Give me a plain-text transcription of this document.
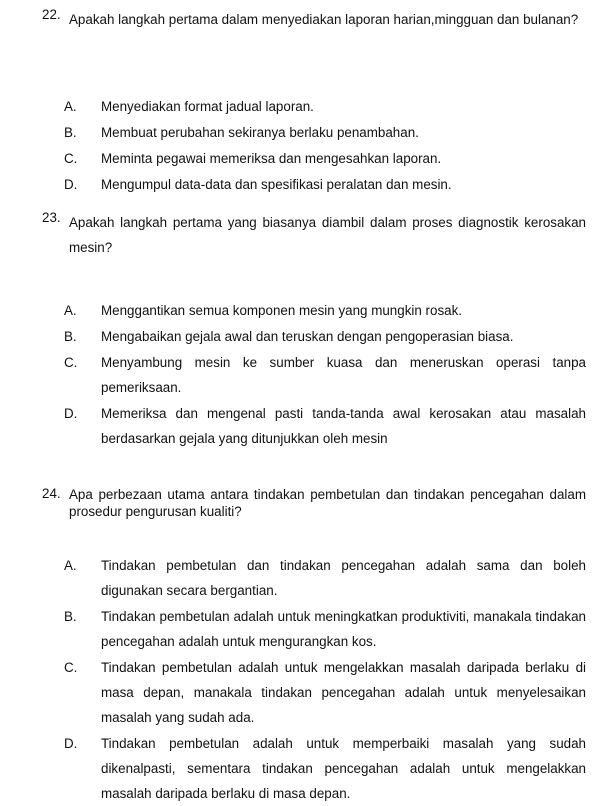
22. Apakah langkah pertama dalam menyediakan laporan harian,mingguan dan bulanan?
A. Menyediakan format jadual laporan.
B. Membuat perubahan sekiranya berlaku penambahan.
C. Meminta pegawai memeriksa dan mengesahkan laporan.
D. Mengumpul data-data dan spesifikasi peralatan dan mesin.
23. Apakah langkah pertama yang biasanya diambil dalam proses diagnostik kerosakan mesin?
A. Menggantikan semua komponen mesin yang mungkin rosak.
B. Mengabaikan gejala awal dan teruskan dengan pengoperasian biasa.
C. Menyambung mesin ke sumber kuasa dan meneruskan operasi tanpa pemeriksaan.
D. Memeriksa dan mengenal pasti tanda-tanda awal kerosakan atau masalah berdasarkan gejala yang ditunjukkan oleh mesin
24. Apa perbezaan utama antara tindakan pembetulan dan tindakan pencegahan dalam prosedur pengurusan kualiti?
A. Tindakan pembetulan dan tindakan pencegahan adalah sama dan boleh digunakan secara bergantian.
B. Tindakan pembetulan adalah untuk meningkatkan produktiviti, manakala tindakan pencegahan adalah untuk mengurangkan kos.
C. Tindakan pembetulan adalah untuk mengelakkan masalah daripada berlaku di masa depan, manakala tindakan pencegahan adalah untuk menyelesaikan masalah yang sudah ada.
D. Tindakan pembetulan adalah untuk memperbaiki masalah yang sudah dikenalpasti, sementara tindakan pencegahan adalah untuk mengelakkan masalah daripada berlaku di masa depan.
